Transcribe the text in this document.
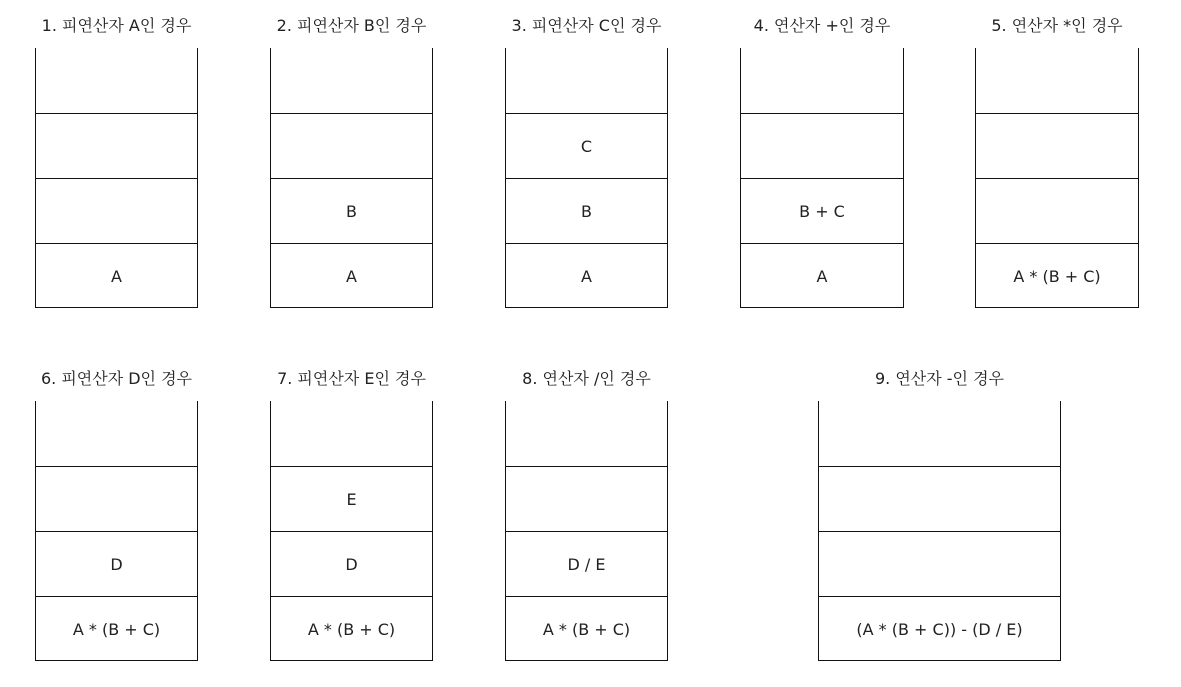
1. 피연산자 A인 경우
A
2. 피연산자 B인 경우
B
A
3. 피연산자 C인 경우
C
B
A
4. 연산자 +인 경우
B + C
A
5. 연산자 *인 경우
A * (B + C)
6. 피연산자 D인 경우
D
A * (B + C)
7. 피연산자 E인 경우
E
D
A * (B + C)
8. 연산자 /인 경우
D / E
A * (B + C)
9. 연산자 -인 경우
(A * (B + C)) - (D / E)
